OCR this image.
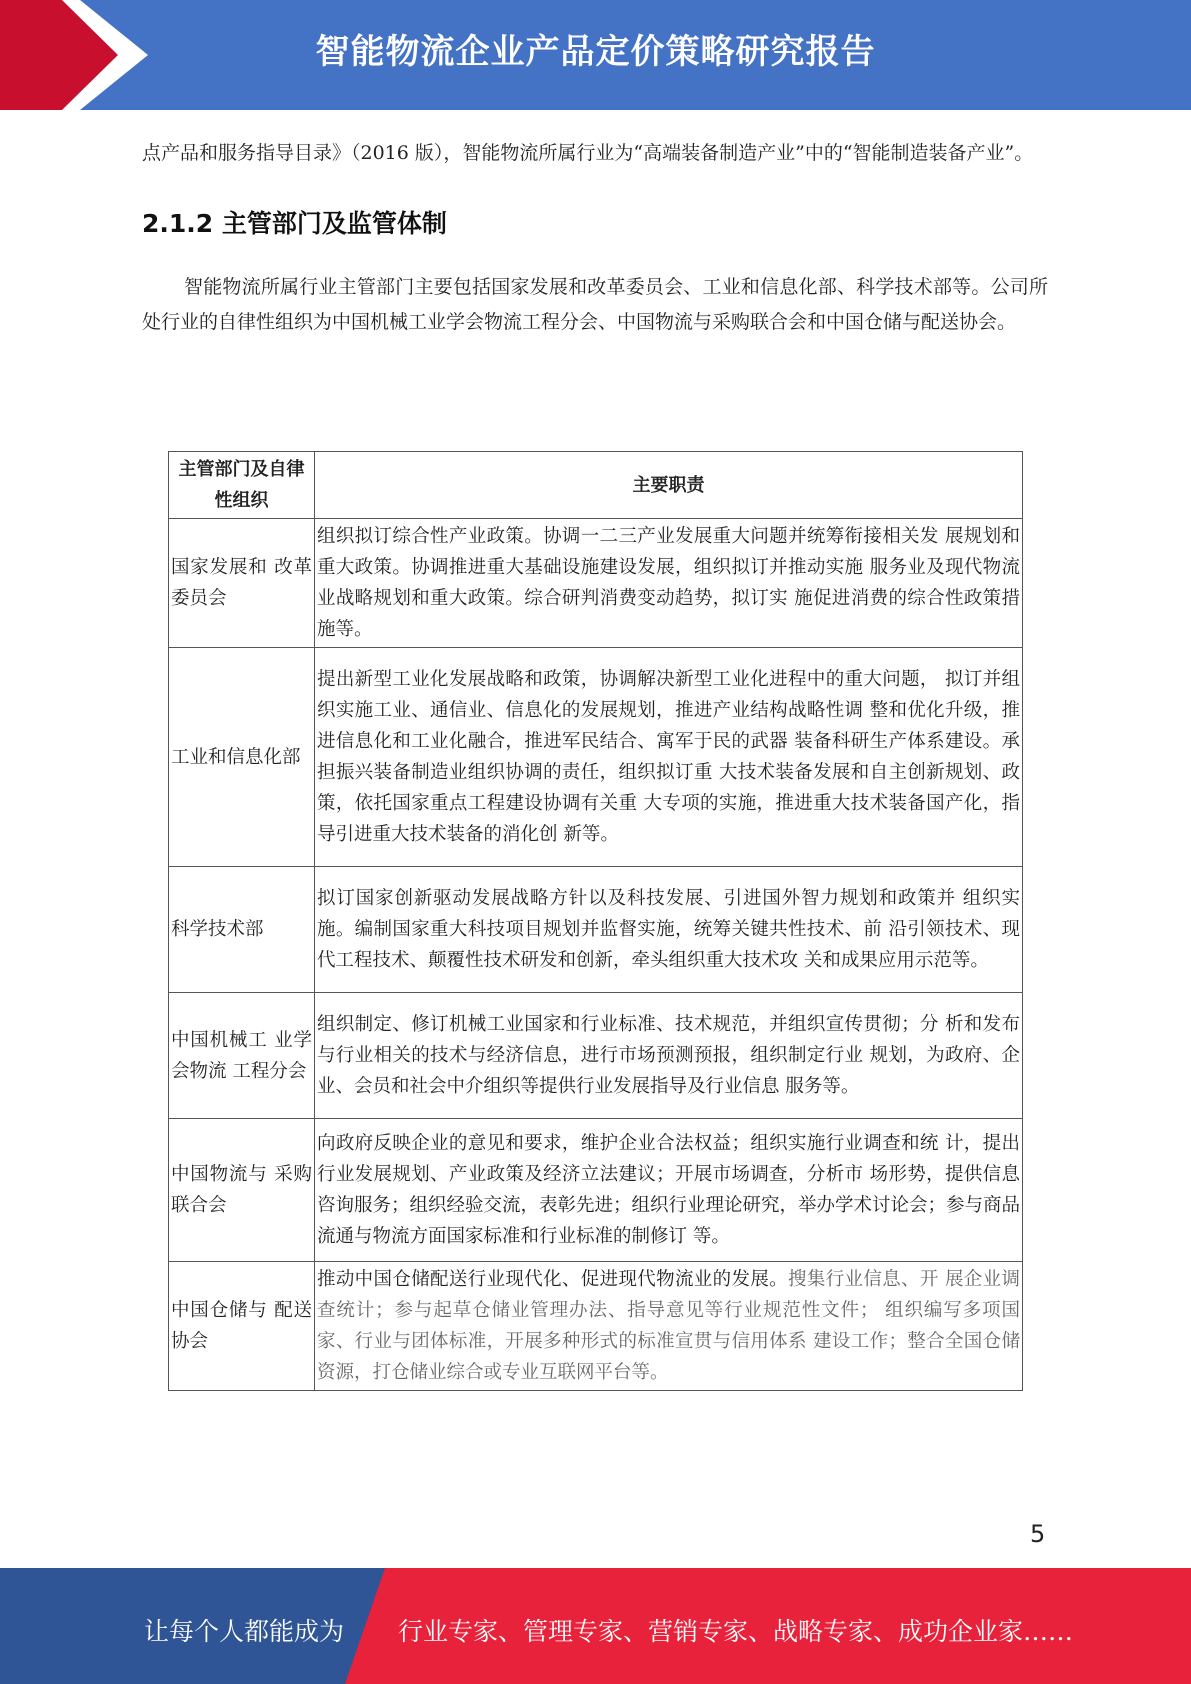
智能物流企业产品定价策略研究报告

点产品和服务指导目录》（2016 版），智能物流所属行业为“高端装备制造产业”中的“智能制造装备产业”。

2.1.2 主管部门及监管体制

智能物流所属行业主管部门主要包括国家发展和改革委员会、工业和信息化部、科学技术部等。公司所处行业的自律性组织为中国机械工业学会物流工程分会、中国物流与采购联合会和中国仓储与配送协会。

主管部门及自律性组织	主要职责
国家发展和 改革委员会	组织拟订综合性产业政策。协调一二三产业发展重大问题并统筹衔接相关发 展规划和重大政策。协调推进重大基础设施建设发展，组织拟订并推动实施 服务业及现代物流业战略规划和重大政策。综合研判消费变动趋势，拟订实 施促进消费的综合性政策措施等。
工业和信息化部	提出新型工业化发展战略和政策，协调解决新型工业化进程中的重大问题， 拟订并组织实施工业、通信业、信息化的发展规划，推进产业结构战略性调 整和优化升级，推进信息化和工业化融合，推进军民结合、寓军于民的武器 装备科研生产体系建设。承担振兴装备制造业组织协调的责任，组织拟订重 大技术装备发展和自主创新规划、政策，依托国家重点工程建设协调有关重 大专项的实施，推进重大技术装备国产化，指导引进重大技术装备的消化创 新等。
科学技术部	拟订国家创新驱动发展战略方针以及科技发展、引进国外智力规划和政策并 组织实施。编制国家重大科技项目规划并监督实施，统筹关键共性技术、前 沿引领技术、现代工程技术、颠覆性技术研发和创新，牵头组织重大技术攻 关和成果应用示范等。
中国机械工 业学会物流 工程分会	组织制定、修订机械工业国家和行业标准、技术规范，并组织宣传贯彻；分 析和发布与行业相关的技术与经济信息，进行市场预测预报，组织制定行业 规划，为政府、企业、会员和社会中介组织等提供行业发展指导及行业信息 服务等。
中国物流与 采购联合会	向政府反映企业的意见和要求，维护企业合法权益；组织实施行业调查和统 计，提出行业发展规划、产业政策及经济立法建议；开展市场调查，分析市 场形势，提供信息咨询服务；组织经验交流，表彰先进；组织行业理论研究，举办学术讨论会；参与商品流通与物流方面国家标准和行业标准的制修订 等。
中国仓储与 配送协会	推动中国仓储配送行业现代化、促进现代物流业的发展。搜集行业信息、开 展企业调查统计；参与起草仓储业管理办法、指导意见等行业规范性文件； 组织编写多项国家、行业与团体标准，开展多种形式的标准宣贯与信用体系 建设工作；整合全国仓储资源，打仓储业综合或专业互联网平台等。
5
让每个人都能成为 行业专家、管理专家、营销专家、战略专家、成功企业家……
